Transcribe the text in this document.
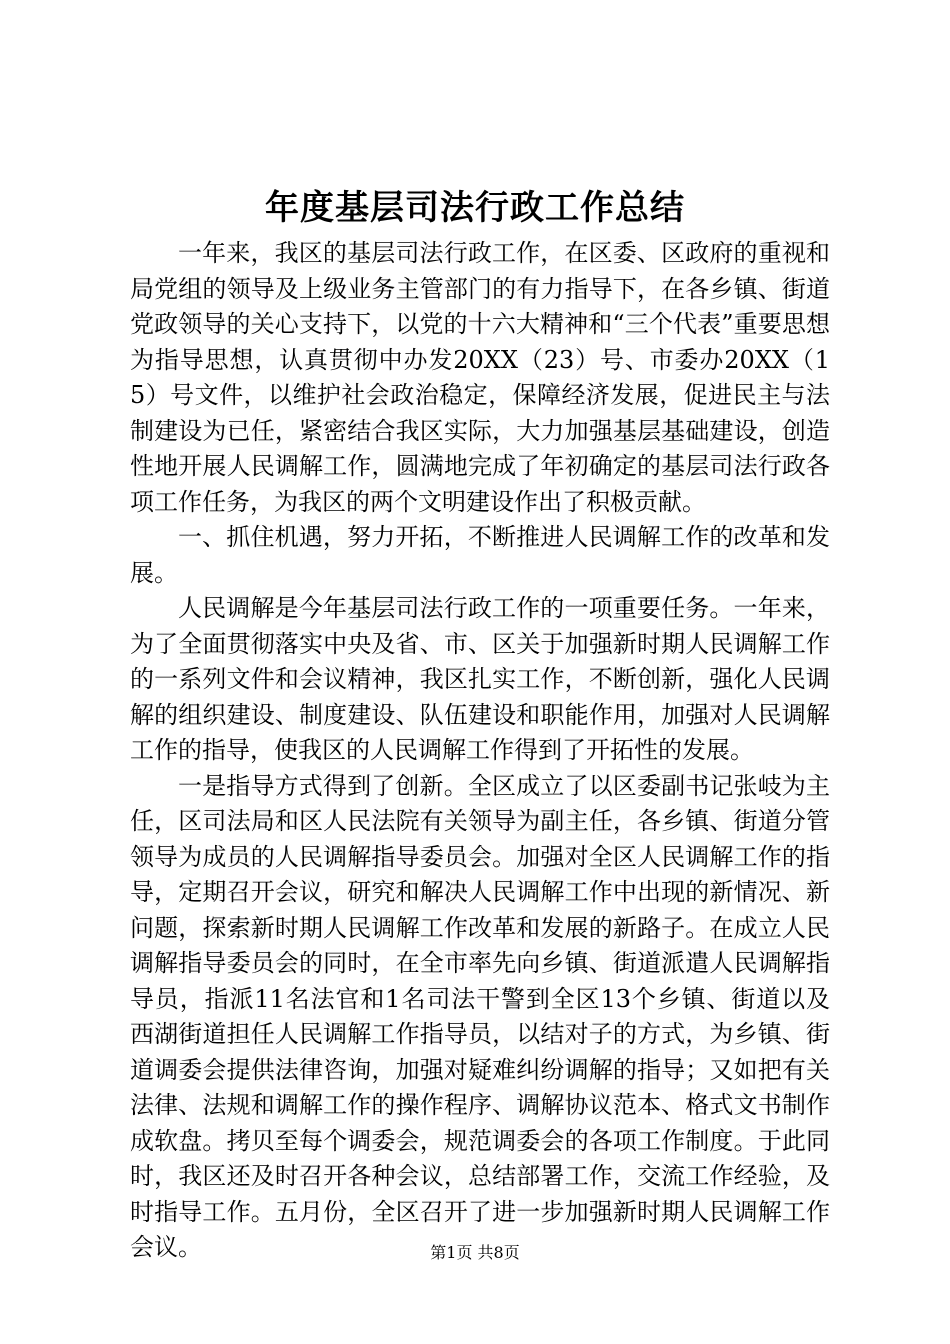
年度基层司法行政工作总结

一年来，我区的基层司法行政工作，在区委、区政府的重视和局党组的领导及上级业务主管部门的有力指导下，在各乡镇、街道党政领导的关心支持下，以党的十六大精神和“三个代表”重要思想为指导思想，认真贯彻中办发20XX（23）号、市委办20XX（15）号文件，以维护社会政治稳定，保障经济发展，促进民主与法制建设为已任，紧密结合我区实际，大力加强基层基础建设，创造性地开展人民调解工作，圆满地完成了年初确定的基层司法行政各项工作任务，为我区的两个文明建设作出了积极贡献。

一、抓住机遇，努力开拓，不断推进人民调解工作的改革和发展。

人民调解是今年基层司法行政工作的一项重要任务。一年来，为了全面贯彻落实中央及省、市、区关于加强新时期人民调解工作的一系列文件和会议精神，我区扎实工作，不断创新，强化人民调解的组织建设、制度建设、队伍建设和职能作用，加强对人民调解工作的指导，使我区的人民调解工作得到了开拓性的发展。

一是指导方式得到了创新。全区成立了以区委副书记张岐为主任，区司法局和区人民法院有关领导为副主任，各乡镇、街道分管领导为成员的人民调解指导委员会。加强对全区人民调解工作的指导，定期召开会议，研究和解决人民调解工作中出现的新情况、新问题，探索新时期人民调解工作改革和发展的新路子。在成立人民调解指导委员会的同时，在全市率先向乡镇、街道派遣人民调解指导员，指派11名法官和1名司法干警到全区13个乡镇、街道以及西湖街道担任人民调解工作指导员，以结对子的方式，为乡镇、街道调委会提供法律咨询，加强对疑难纠纷调解的指导；又如把有关法律、法规和调解工作的操作程序、调解协议范本、格式文书制作成软盘。拷贝至每个调委会，规范调委会的各项工作制度。于此同时，我区还及时召开各种会议，总结部署工作，交流工作经验，及时指导工作。五月份，全区召开了进一步加强新时期人民调解工作会议。	第1页 共8页
